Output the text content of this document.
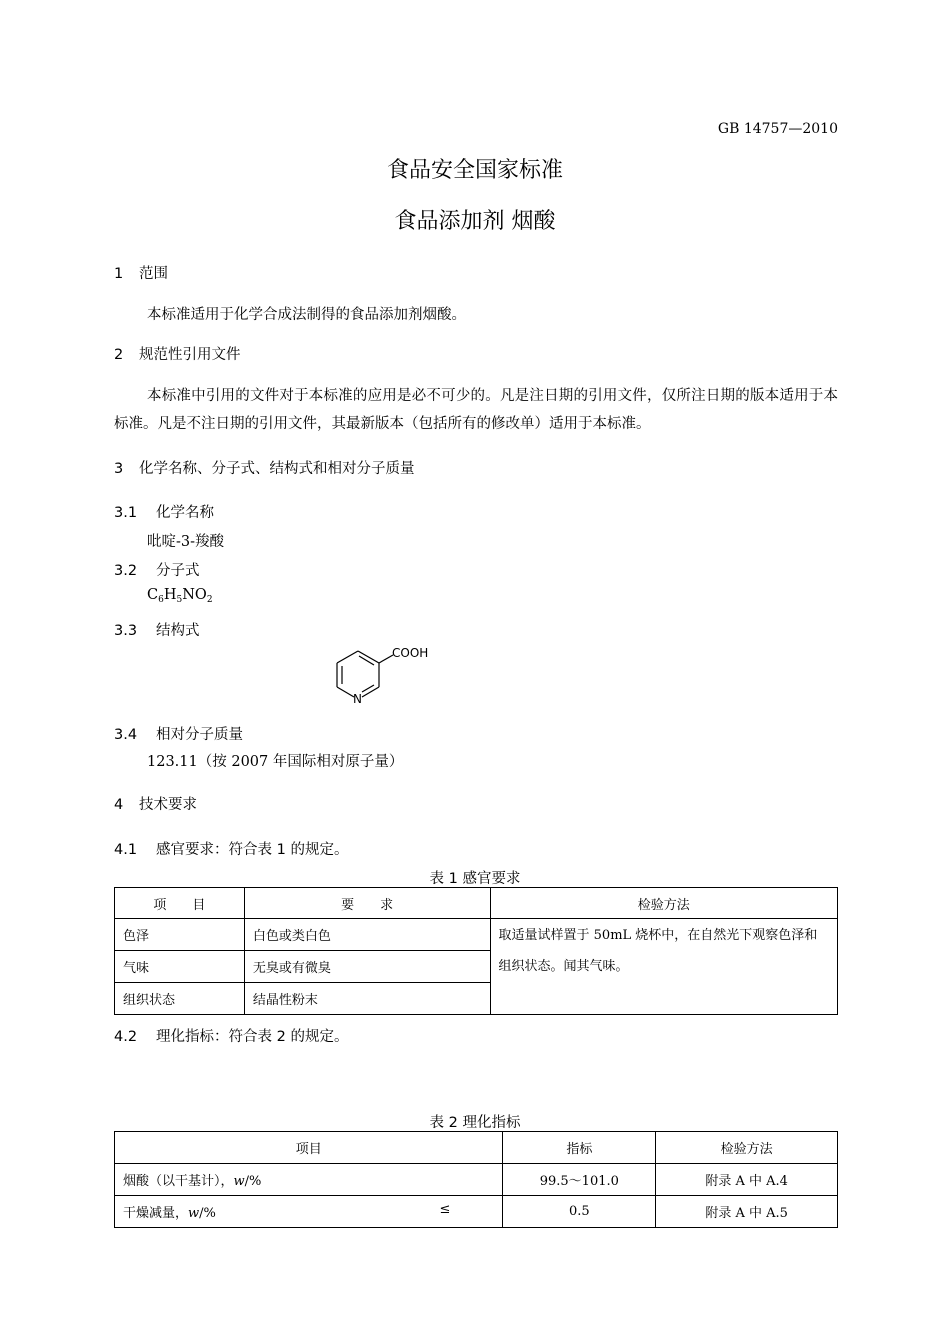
GB 14757—2010
食品安全国家标准
食品添加剂 烟酸
1 范围
本标准适用于化学合成法制得的食品添加剂烟酸。
2 规范性引用文件
本标准中引用的文件对于本标准的应用是必不可少的。凡是注日期的引用文件，仅所注日期的版本适用于本标准。凡是不注日期的引用文件，其最新版本（包括所有的修改单）适用于本标准。
3 化学名称、分子式、结构式和相对分子质量
3.1 化学名称
吡啶-3-羧酸
3.2 分子式
$C_6H_5NO_2$
3.3 结构式
COOH
N
3.4 相对分子质量
123.11（按 2007 年国际相对原子量）
4 技术要求
4.1 感官要求：符合表 1 的规定。
表 1 感官要求
项　　目	要　　求	检验方法
色泽	白色或类白色	取适量试样置于 50mL 烧杯中，在自然光下观察色泽和组织状态。闻其气味。
气味	无臭或有微臭	
组织状态	结晶性粉末	
4.2 理化指标：符合表 2 的规定。
表 2 理化指标
项目	指标	检验方法
烟酸（以干基计），w/%	99.5～101.0	附录 A 中 A.4
干燥减量，w/% ≤	0.5	附录 A 中 A.5
